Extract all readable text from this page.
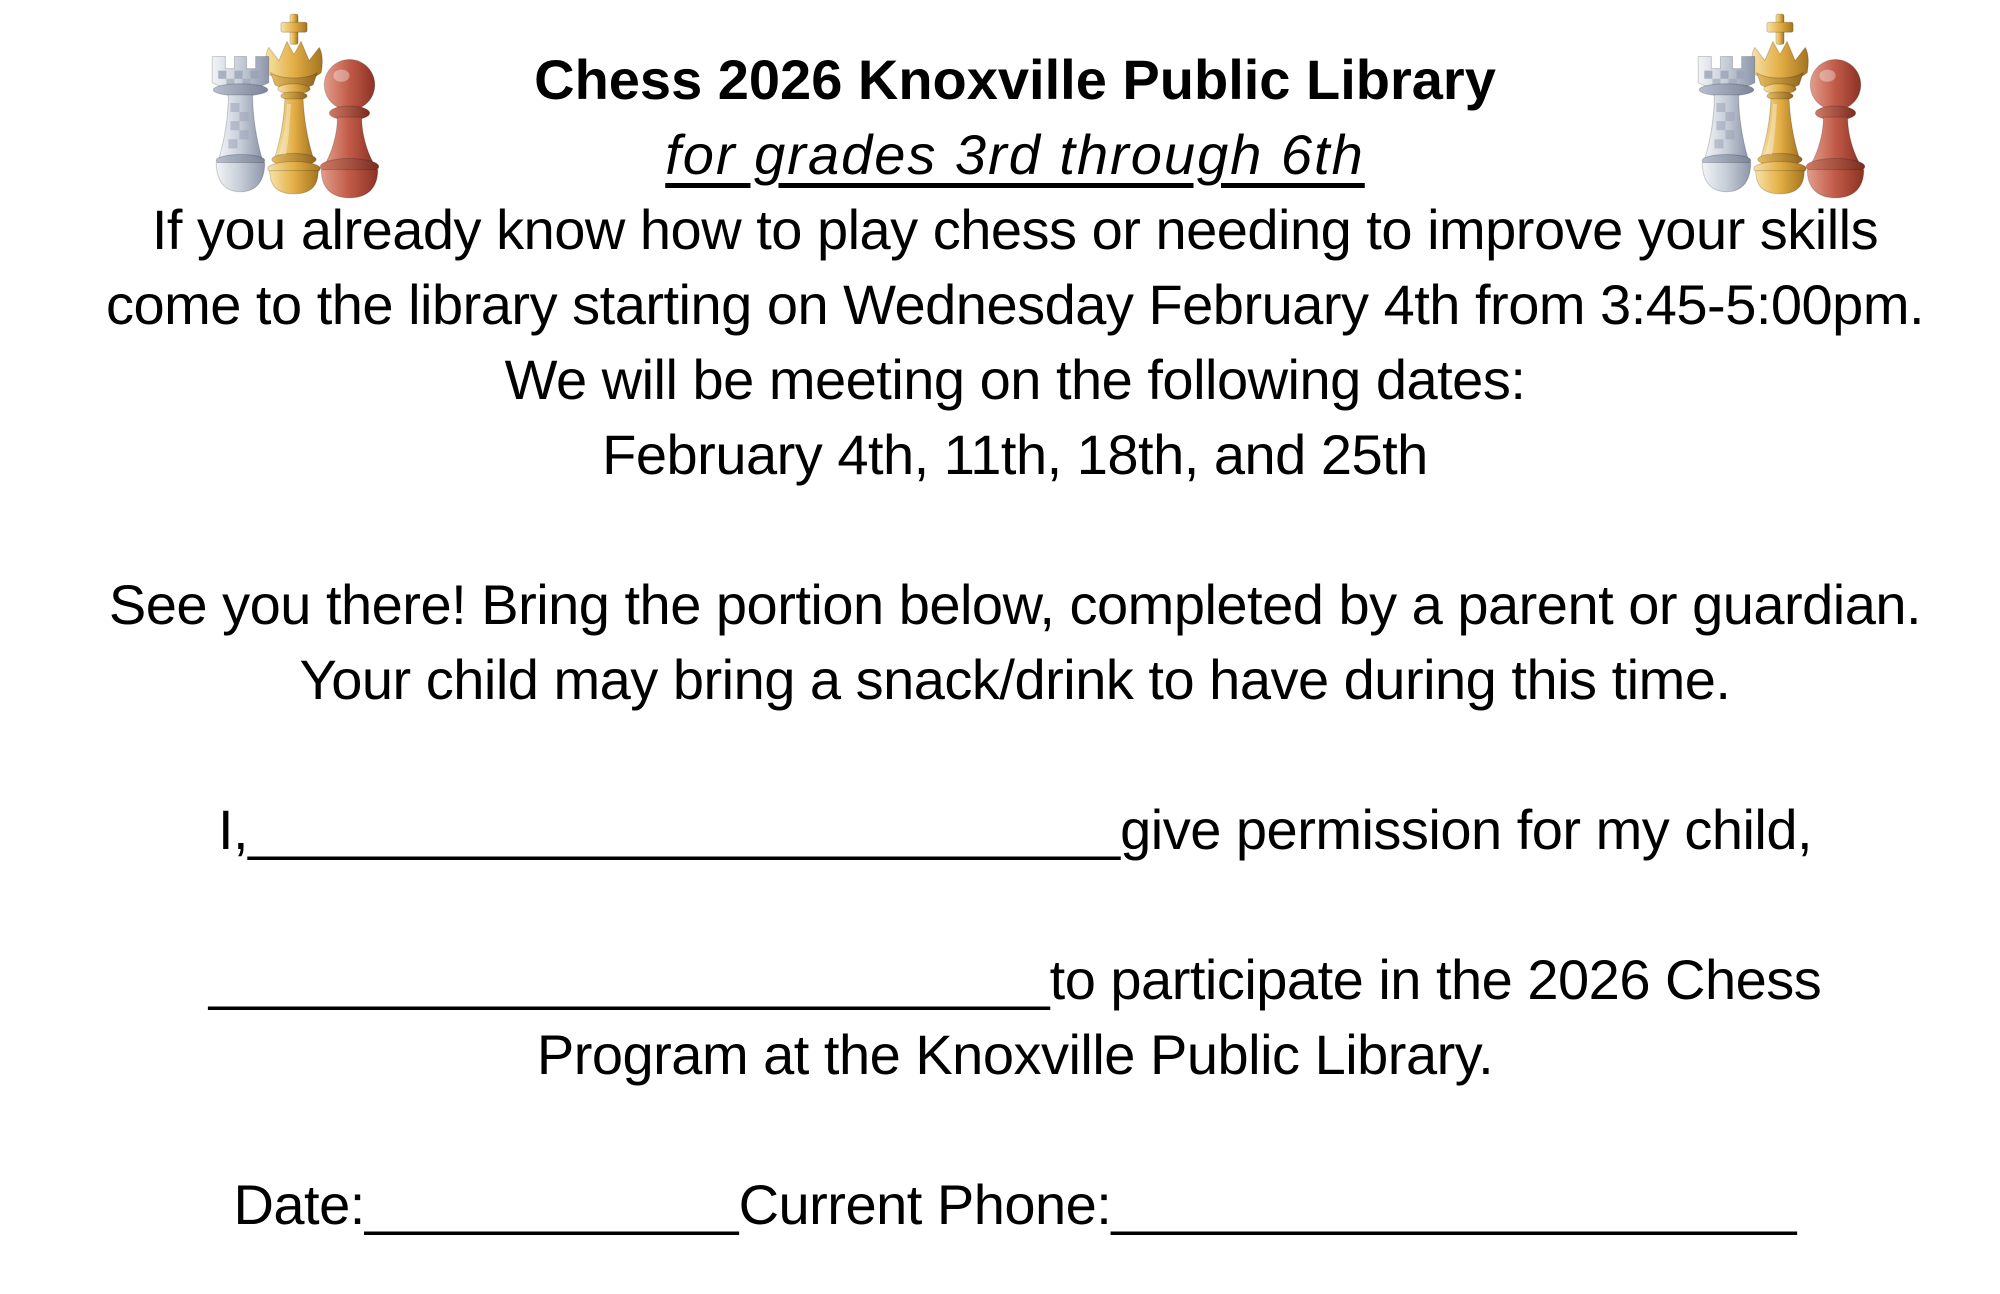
Chess 2026 Knoxville Public Library
for grades 3rd through 6th
If you already know how to play chess or needing to improve your skills
come to the library starting on Wednesday February 4th from 3:45-5:00pm.
We will be meeting on the following dates:
February 4th, 11th, 18th, and 25th
See you there! Bring the portion below, completed by a parent or guardian.
Your child may bring a snack/drink to have during this time.
I,____________________________give permission for my child,
___________________________to participate in the 2026 Chess
Program at the Knoxville Public Library.
Date:____________Current Phone:______________________
